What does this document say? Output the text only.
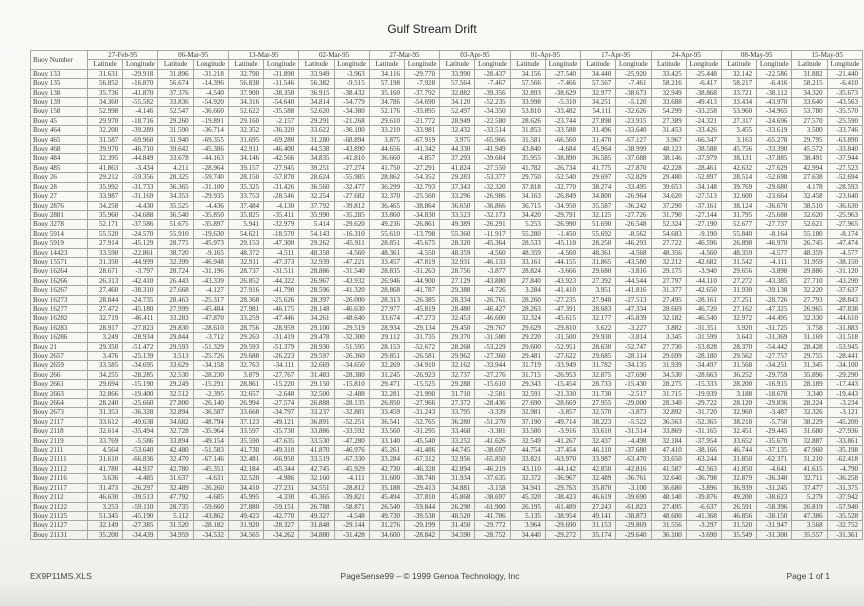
Gulf Stream Drift
Buoy Number	27-Feb-95		06-Mar-95		13-Mar-95		02-Mar-95		27-Mar-95		03-Apr-95		01-Apr-95		17-Apr-95		24-Apr-95		08-May-95		15-May-95	
	Latitude	Longitude	Latitude	Longitude	Latitude	Longitude	Latitude	Longitude	Latitude	Longitude	Latitude	Longitude	Latitude	Longitude	Latitude	Longitude	Latitude	Longitude	Latitude	Longitude	Latitude	Longitude
Bouy 133	31.631	-29.918	31.896	-31.218	32.790	-31.890	33.949	-3.963	34.116	-29.770	33.990	-28.437	34.156	-27.540	34.440	-25.920	33.425	-25.448	32.142	-22.586	31.882	-21.440
Bouy 135	56.852	-16.870	56.674	-14.396	56.838	-11.546	56.382	-9.515	57.198	-7.928	57.564	-7.467	57.566	-7.466	57.567	-7.461	58.216	-6.417	58.217	-6.416	58.215	-6.410
Bouy 138	35.736	-41.870	37.376	-4.540	37.900	-38.350	36.915	-38.432	35.160	-37.792	32.882	-39.356	32.893	-38.629	32.977	-38.673	32.949	-38.868	33.721	-38.112	34.320	-35.673
Bouy 139	34.360	-55.582	33.836	-54.920	34.316	-54.640	34.814	-54.779	34.786	-54.690	34.120	-52.235	33.998	-5.310	34.251	-5.120	33.688	-49.413	33.434	-43.970	33.640	-43.563
Bouy 158	52.998	-4.146	52.547	-36.660	52.622	-35.588	52.620	-34.380	52.176	-33.895	52.497	-34.350	53.810	-33.482	54.111	-32.626	54.299	-33.258	53.960	-34.965	53.780	-35.570
Bouy 45	29.970	-18.716	29.260	-19.891	29.160	-2.157	29.291	-21.268	29.610	-21.772	28.949	-22.580	28.626	-23.744	27.898	-23.915	27.389	-24.321	27.317	-24.696	27.570	-25.590
Bouy 464	32.200	-39.289	31.590	-36.714	32.352	-36.320	33.622	-36.100	33.210	-33.981	32.432	-33.514	31.853	-33.588	31.496	-33.640	31.453	-33.426	3.455	-33.619	3.500	-33.746
Bouy 465	31.587	-69.960	31.940	-69.355	31.695	-69.280	31.280	-68.894	3.875	-67.919	3.975	-65.966	31.581	-66.560	31.470	-67.127	3.967	-66.347	3.163	-65.278	29.795	-63.890
Bouy 468	39.970	-46.710	39.642	-45.386	42.911	-46.400	44.538	-43.890	44.656	-41.342	44.330	-41.949	43.840	-4.684	45.964	-38.999	48.123	-38.588	45.756	-33.390	45.572	-33.840
Bouy 484	32.395	-44.849	33.678	-44.163	34.146	-42.566	34.835	-41.810	36.660	-4.857	37.293	-39.684	35.955	-38.890	36.585	-37.688	38.146	-37.979	38.131	-37.885	38.491	-37.944
Bouy 485	41.863	-3.434	4.211	-28.964	39.157	-27.945	39.251	-27.274	41.750	-27.291	41.824	-27.550	41.782	-26.734	41.775	-27.870	42.228	-28.461	42.632	-27.629	42.994	-27.523
Bouy 26	29.212	-59.356	28.325	-59.740	28.150	-57.870	28.624	-55.985	28.862	-54.352	29.283	-53.377	29.750	-52.540	29.697	-52.829	29.480	-52.897	28.514	-52.698	27.638	-52.694
Bouy 28	35.992	-31.733	36.365	-31.100	35.325	-31.426	36.560	-32.477	36.299	-32.793	37.343	-32.320	37.818	-32.770	38.274	-33.495	39.653	-34.148	39.769	-29.680	4.178	-28.593
Bouy 27	33.987	-31.169	34.353	-29.935	33.753	-28.546	32.254	-27.682	32.370	-25.560	33.296	-26.986	34.163	-26.849	34.800	-26.964	34.620	-27.513	32.600	-23.664	32.458	-23.640
Bouy 2876	34.258	-4.430	35.525	-4.436	37.484	-4.130	37.792	-39.812	36.465	-38.864	36.650	-36.866	36.715	-34.950	35.587	-36.242	37.290	-37.161	38.124	-36.670	38.510	-36.630
Bouy 2881	35.960	-34.688	36.540	-35.850	35.825	-35.411	35.990	-35.285	33.860	-34.830	33.523	-32.173	34.420	-29.791	32.125	-27.726	31.790	-27.144	31.795	-25.688	32.620	-25.963
Bouy 3278	52.171	-37.586	51.675	-35.897	5.941	-32.979	5.414	-29.620	49.236	-26.861	49.389	-26.291	5.253	-26.990	51.690	-26.548	52.324	-27.190	52.677	-27.737	52.621	-27.965
Bouy 5914	55.520	-24.570	55.910	-19.630	54.621	-18.570	54.143	-16.310	55.610	-13.798	55.360	-11.917	55.280	-1.450	55.692	-8.562	54.683	-9.190	55.840	-8.164	55.180	-8.174
Bouy 5919	27.914	-45.129	28.775	-45.973	29.153	-47.300	29.262	-45.911	28.851	-45.675	28.320	-45.364	28.533	-45.110	28.250	-46.293	27.722	-46.596	26.898	-46.970	26.745	-47.474
Bouy 14423	33.590	-22.861	38.720	-9.165	48.372	-4.511	48.358	-4.560	48.361	-4.550	48.359	-4.560	48.359	-4.560	48.361	-4.568	48.356	-4.560	48.359	-4.577	48.359	-4.577
Bouy 15571	31.350	-44.999	32.399	-46.948	32.911	-47.373	32.939	-47.221	33.457	-47.819	32.931	-46.133	33.161	-44.155	31.865	-43.580	32.212	-42.682	31.542	-4.111	31.959	-38.150
Bouy 16264	28.671	-3.797	28.724	-31.196	28.737	-31.511	28.886	-31.540	28.835	-31.263	28.756	-3.877	28.824	-3.666	29.680	-3.816	29.175	-3.940	29.656	-3.898	29.886	-31.120
Bouy 16266	26.313	-42.410	26.443	-43.339	26.852	-44.322	26.967	-43.932	26.946	-44.900	27.129	-43.880	27.840	-43.923	27.392	-44.544	27.797	-44.110	27.272	-43.385	27.710	-43.290
Bouy 16267	27.460	-38.310	27.668	-4.127	27.916	-41.790	28.596	-41.320	28.868	-41.787	29.388	-4.726	3.284	-41.410	3.951	-41.816	31.377	-42.650	31.930	-39.138	32.220	-37.637
Bouy 16273	28.844	-24.735	28.463	-25.317	28.368	-25.626	28.397	-26.000	28.313	-26.385	28.334	-26.761	28.260	-27.235	27.948	-27.513	27.495	-28.161	27.251	-28.726	27.793	-28.843
Bouy 16277	27.472	-45.180	27.999	-45.484	27.981	-46.175	28.148	-46.630	27.977	-45.819	28.480	-46.427	28.263	-47.391	28.683	-47.334	28.669	-46.720	27.162	-47.325	26.965	-47.838
Bouy 16282	32.719	-46.411	33.283	-47.870	33.259	-47.446	34.261	-48.640	33.674	-47.273	32.453	-46.600	32.324	-45.615	32.177	-45.839	32.182	-46.540	32.972	-44.495	32.330	-44.610
Bouy 16283	28.917	-27.823	29.830	-28.610	28.756	-28.959	29.100	-29.519	28.934	-29.134	29.450	-29.767	29.629	-29.810	3.622	-3.227	3.882	-31.351	3.920	-31.725	3.758	-31.883
Bouy 16286	3.249	-28.934	29.844	-3.712	29.263	-31.419	29.478	-32.300	29.112	-31.735	29.370	-31.580	29.220	-31.500	29.930	-3.814	3.345	-31.599	3.643	-31.369	31.169	-31.518
Bouy 21	29.350	-51.472	29.593	-51.329	29.593	-51.379	28.930	-51.595	28.153	-52.672	28.268	-53.229	29.600	-52.951	28.630	-52.747	27.730	-53.828	28.370	-54.442	28.428	-53.945
Bouy 2657	3.476	-25.139	3.513	-25.726	29.688	-26.223	29.597	-26.360	29.851	-26.581	29.962	-27.360	29.481	-27.622	29.685	-28.114	29.699	-28.180	29.562	-27.757	29.755	-28.441
Bouy 2659	33.585	-34.695	33.629	-34.158	32.763	-34.111	32.669	-34.650	32.269	-34.910	32.162	-33.944	31.719	-33.949	31.782	-34.135	31.939	-34.497	31.568	-34.251	31.345	-34.100
Bouy 266	34.255	-28.285	32.530	-28.230	3.879	-27.767	31.483	-28.380	31.245	-26.923	32.737	-27.276	31.715	-26.953	32.875	-27.690	34.530	-28.663	36.252	-29.759	35.896	-29.290
Bouy 2661	29.694	-15.190	29.249	-15.291	28.861	-15.220	29.150	-15.810	29.471	-15.525	29.288	-15.610	29.343	-15.454	28.733	-15.430	28.275	-15.333	28.200	-16.915	28.189	-17.443
Bouy 2663	32.866	-19.400	32.512	-2.395	32.657	-2.648	32.500	-2.488	32.281	-21.990	31.710	-2.581	32.591	-21.330	31.730	-2.517	31.715	-19.939	3.188	-18.678	3.340	-19.443
Bouy 2664	28.240	-25.660	27.800	-26.140	26.994	-27.574	26.888	-28.135	26.850	-27.966	27.372	-28.436	27.690	-28.669	27.955	-29.000	28.340	-29.722	28.120	-29.836	28.224	-3.234
Bouy 2673	31.353	-36.328	32.894	-36.587	33.668	-34.797	33.237	-32.881	33.459	-31.243	33.795	-3.339	32.981	-3.857	32.570	-3.873	32.892	-31.720	32.960	-3.487	32.326	-3.121
Bouy 2117	33.612	-49.638	34.682	-48.794	37.123	-49.121	36.891	-52.251	36.541	-52.765	36.280	-51.270	37.190	-49.714	38.223	-5.522	36.563	-52.365	38.210	-5.750	38.229	-45.200
Bouy 2118	32.614	-35.494	32.728	-35.964	33.597	-35.730	33.886	-33.592	33.560	-31.295	33.468	-3.381	33.580	-3.916	33.610	-31.514	33.869	-31.165	32.451	-29.445	31.680	-27.936
Bouy 2119	33.769	-5.586	33.894	-49.154	35.590	-47.635	33.530	-47.280	33.140	-45.540	33.252	-41.626	32.549	-41.267	32.437	-4.498	32.184	-37.954	33.652	-35.670	32.887	-33.861
Bouy 2111	4.564	-53.640	42.480	-51.583	41.730	-49.310	41.870	-46.976	45.261	-41.486	44.745	-38.697	44.754	-37.454	46.110	-37.680	47.410	-38.166	46.744	-37.135	47.960	-35.198
Bouy 21111	31.610	-66.836	32.470	-67.146	32.481	-66.950	33.519	-67.330	33.284	-67.312	32.956	-65.850	33.821	-63.970	33.987	-63.470	33.650	-63.244	31.850	-62.371	31.210	-62.418
Bouy 21112	41.780	-44.937	42.780	-45.351	42.184	-45.344	42.745	-45.929	42.730	-46.328	42.894	-46.219	43.110	-44.142	42.850	-42.816	41.587	-42.563	41.850	-4.641	41.615	-4.790
Bouy 21116	3.636	-4.485	31.637	-4.631	32.520	-4.986	32.160	-4.111	31.600	-38.740	31.934	-37.635	32.372	-36.967	32.489	-36.761	32.640	-36.798	32.879	-36.340	32.711	-36.258
Bouy 21117	31.473	-26.297	32.489	-26.260	34.410	-27.231	34.551	-28.812	35.188	-29.413	34.881	-3.158	34.941	-29.763	35.870	-3.100	36.680	-3.896	36.939	-31.245	37.477	-31.375
Bouy 2112	46.630	-39.513	47.792	-4.685	45.995	-4.330	45.365	-39.821	45.494	-37.810	45.868	-38.697	45.320	-38.423	46.619	-39.690	48.140	-39.876	49.200	-38.623	5.279	-37.942
Bouy 21122	3.253	-59.110	28.735	-59.660	27.880	-59.151	26.788	-58.871	26.540	-59.844	26.290	-61.900	26.195	-61.489	27.243	-61.823	27.495	-6.637	26.591	-58.396	26.819	-57.940
Bouy 21125	51.345	-45.190	5.112	-43.862	49.423	-42.770	49.327	-4.548	49.730	-39.538	48.520	-41.786	5.135	-38.954	49.141	-38.873	48.600	-41.368	46.856	-38.150	47.386	-35.528
Bouy 21127	32.149	-27.385	31.520	-28.182	31.920	-28.327	31.848	-29.144	31.276	-29.199	31.450	-29.772	3.964	-29.690	31.153	-29.869	31.556	-3.297	31.520	-31.947	3.568	-32.752
Bouy 21131	35.200	-34.439	34.959	-34.532	34.565	-34.262	34.880	-31.428	34.600	-28.842	34.590	-28.752	34.440	-29.272	35.174	-29.640	36.100	-3.690	35.549	-31.300	35.557	-31.361
EX9P11MS.XLS	PageSense99 – © 1999 Genoa Technology, Inc	Page 1 of 1
